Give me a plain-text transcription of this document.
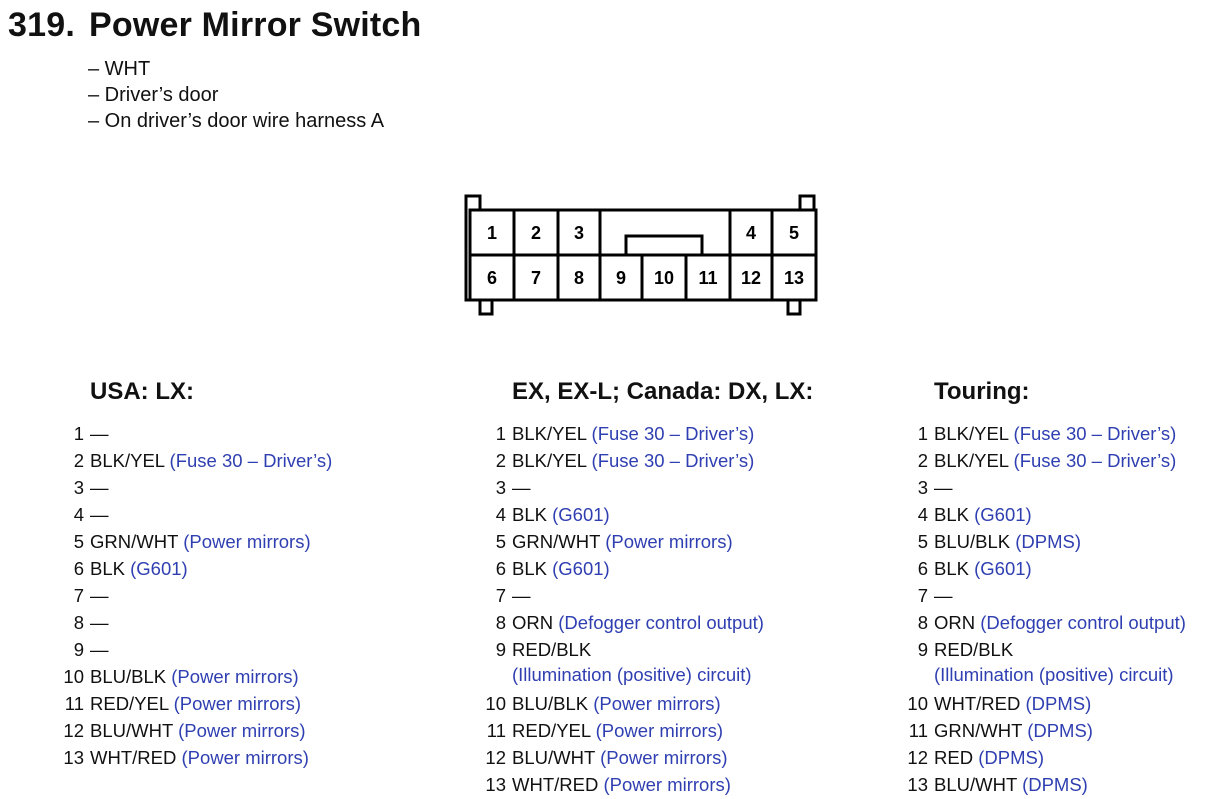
319. Power Mirror Switch
– WHT
– Driver’s door
– On driver’s door wire harness A
1 2 3	4 5
6 7 8 9 10 11 12 13
USA: LX:
1 —
2 BLK/YEL (Fuse 30 – Driver’s)
3 —
4 —
5 GRN/WHT (Power mirrors)
6 BLK (G601)
7 —
8 —
9 —
10 BLU/BLK (Power mirrors)
11 RED/YEL (Power mirrors)
12 BLU/WHT (Power mirrors)
13 WHT/RED (Power mirrors)
EX, EX-L; Canada: DX, LX:
1 BLK/YEL (Fuse 30 – Driver’s)
2 BLK/YEL (Fuse 30 – Driver’s)
3 —
4 BLK (G601)
5 GRN/WHT (Power mirrors)
6 BLK (G601)
7 —
8 ORN (Defogger control output)
9 RED/BLK
(Illumination (positive) circuit)
10 BLU/BLK (Power mirrors)
11 RED/YEL (Power mirrors)
12 BLU/WHT (Power mirrors)
13 WHT/RED (Power mirrors)
Touring:
1 BLK/YEL (Fuse 30 – Driver’s)
2 BLK/YEL (Fuse 30 – Driver’s)
3 —
4 BLK (G601)
5 BLU/BLK (DPMS)
6 BLK (G601)
7 —
8 ORN (Defogger control output)
9 RED/BLK
(Illumination (positive) circuit)
10 WHT/RED (DPMS)
11 GRN/WHT (DPMS)
12 RED (DPMS)
13 BLU/WHT (DPMS)
